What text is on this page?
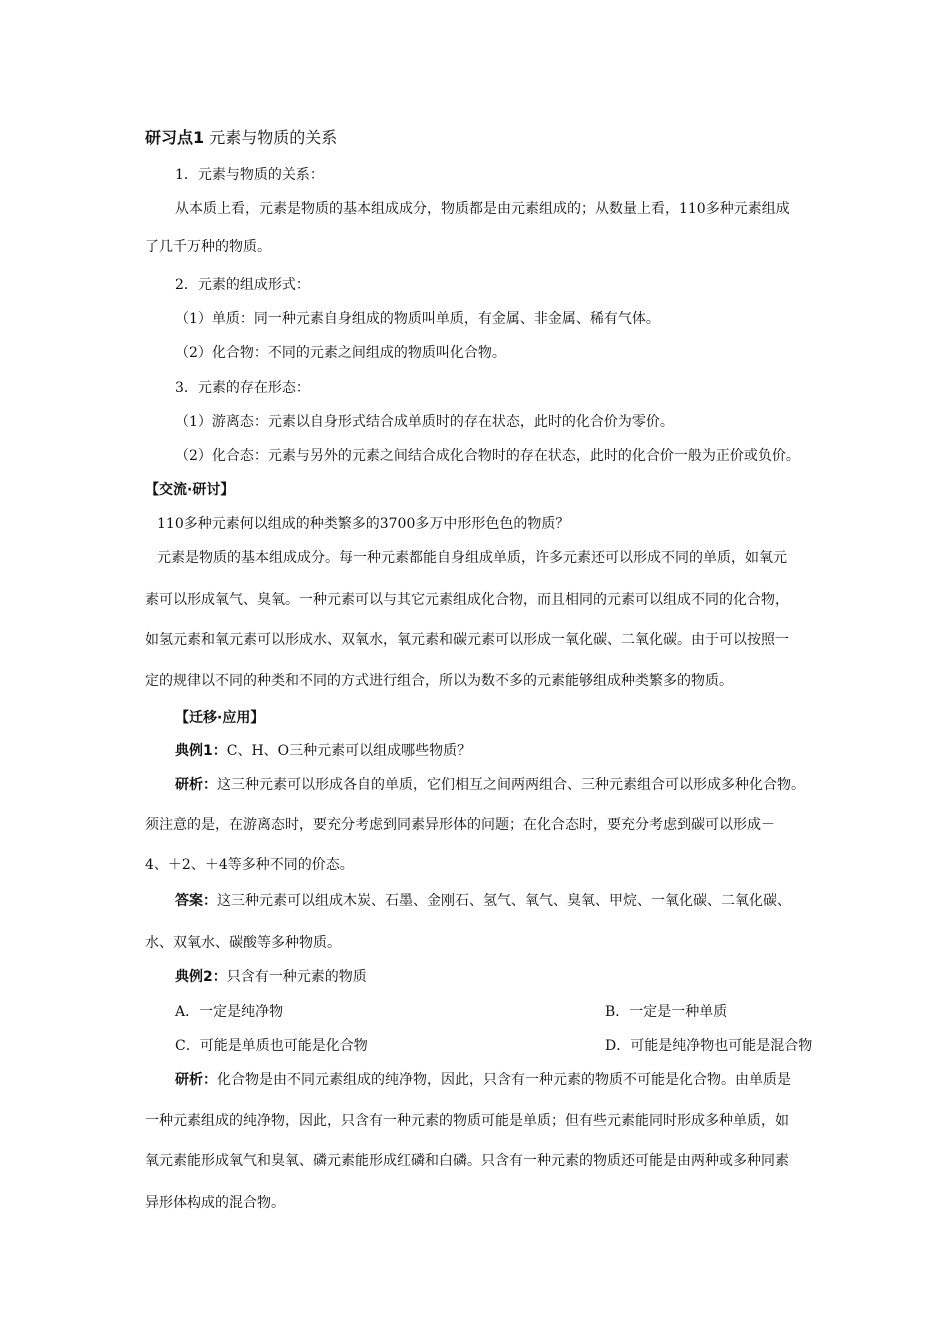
研习点1 元素与物质的关系
1．元素与物质的关系：
从本质上看，元素是物质的基本组成成分，物质都是由元素组成的；从数量上看，110多种元素组成
了几千万种的物质。
2．元素的组成形式：
（1）单质：同一种元素自身组成的物质叫单质，有金属、非金属、稀有气体。
（2）化合物：不同的元素之间组成的物质叫化合物。
3．元素的存在形态：
（1）游离态：元素以自身形式结合成单质时的存在状态，此时的化合价为零价。
（2）化合态：元素与另外的元素之间结合成化合物时的存在状态，此时的化合价一般为正价或负价。
【交流·研讨】
110多种元素何以组成的种类繁多的3700多万中形形色色的物质？
元素是物质的基本组成成分。每一种元素都能自身组成单质，许多元素还可以形成不同的单质，如氧元
素可以形成氧气、臭氧。一种元素可以与其它元素组成化合物，而且相同的元素可以组成不同的化合物，
如氢元素和氧元素可以形成水、双氧水，氧元素和碳元素可以形成一氧化碳、二氧化碳。由于可以按照一
定的规律以不同的种类和不同的方式进行组合，所以为数不多的元素能够组成种类繁多的物质。
【迁移·应用】
典例1：C、H、O三种元素可以组成哪些物质？
研析：这三种元素可以形成各自的单质，它们相互之间两两组合、三种元素组合可以形成多种化合物。
须注意的是，在游离态时，要充分考虑到同素异形体的问题；在化合态时，要充分考虑到碳可以形成－
4、＋2、＋4等多种不同的价态。
答案：这三种元素可以组成木炭、石墨、金刚石、氢气、氧气、臭氧、甲烷、一氧化碳、二氧化碳、
水、双氧水、碳酸等多种物质。
典例2：只含有一种元素的物质
A．一定是纯净物	B．一定是一种单质
C．可能是单质也可能是化合物	D．可能是纯净物也可能是混合物
研析：化合物是由不同元素组成的纯净物，因此，只含有一种元素的物质不可能是化合物。由单质是
一种元素组成的纯净物，因此，只含有一种元素的物质可能是单质；但有些元素能同时形成多种单质，如
氧元素能形成氧气和臭氧、磷元素能形成红磷和白磷。只含有一种元素的物质还可能是由两种或多种同素
异形体构成的混合物。
